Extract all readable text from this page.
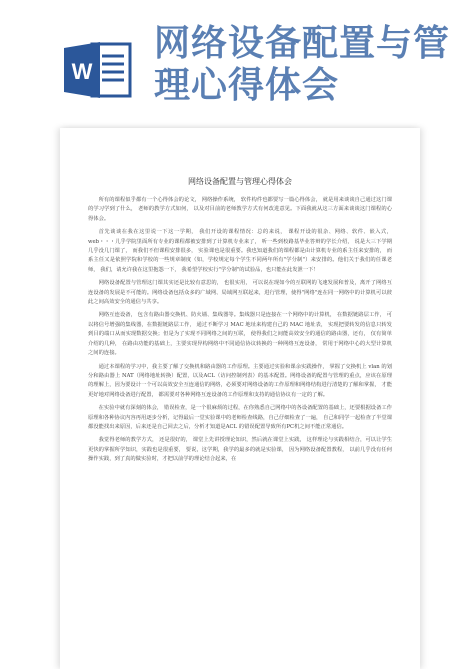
W
网络设备配置与管理心得体会
网络设备配置与管理心得体会

所有的课程似乎都有一个心得体会的论文， 网络操作系统， 软件构件也都要写一篇心得体会， 就是用来谈谈自己通过这门课的学习学到了什么， 老师的教学方式如何， 以及对目前的老师教学方式有何改进意见。下面我就从这三方面来谈谈这门课程的心得体会。

首先谈谈在我在这里说一下这一学期， 我们开设的课程情况：总的来说， 课程开设的很杂、网络、软件、嵌入式， web・・・儿乎学院里面所有专业的课程都被安排到了计算机专业来了， 听一些到校路基毕业答辩的学长介绍， 说是大三下学期几乎没几门课了， 而我们不但课程安排很多， 实验课也是很重要。我也知道我们的课程都是由计算机专业的系主任来安排的， 而系主任又是依照学院和学校的一些规章制度（如，学校规定每个学生不同两年所有"学分制"）来安排的。他们关于我们的任课老师， 我们，请允许我在这里抱怨一下， 我希望学校实行"学分制"的试验品，也只能在此发泄一下！

网络设备配置与管理这门课其实还是比较有意思的， 也很实用， 可以说在现如今的互联网的飞速发展和普及，离开了网络互连设备的发展是不可能的。网络设备包括众多的广域网、局域网互联起来，进行管理，使得"网络"连在同一网络中的计算机可以彼此之间高效安全的通信与共享。

网络互连设备， 包含有路由器交换机、防火墙、集线器等。集线器只是连接在一个网络中的计算机， 在数据链路层工作， 可以将信号增强的集线器，在数据链路层工作， 通过不断学习 MAC 地址来构建自己的 MAC 地址表， 实现把要转发的信息只转发到目的端口从而实现数据交换；但是为了实现不同网络之间的互联， 使得我们之间能高效安全的通信的路由器，还有， 仅有简单介绍的几种， 在路由功能的基础上，主要实现异构网络中不同通信协议转换的一种网络互连设备， 常用于网络中心的大型计算机之间的连接。

通过本课程的学习中，我主要了解了交换机和路由器的工作原理。主要通过实验和课余实践操作， 掌握了交换机上 vlan 的划分和路由器上 NAT（网络地址转换）配置，以及ACL（访问控制列表）的基本配置。网络设备的配置与管理的重点，应该在原理的理解上，因为要设计一个可以高效安全互连通信的网络，必须要对网络设备的工作原理和网络结构进行清楚的了解和掌握， 才能更好地对网络设备进行配置， 都需要对各种网络互连设备的工作原理和支持的通信协议有一定的了解。

在实验中就有深刻的体会， 错误检查，是一个很麻烦的过程，在你熟悉自己网络中的各设备配置的基础上，还要根据设备工作原理和各种协议内容再用逐步分析，记得最后一堂实验课中的老师检查线路，自己仔细检查了一遍， 自己和同学一起检查了半堂课都没能找出来原因，后来还是自己回去之后，分析才知道是ACL 的错误配置导致所有PC机之间不能正常通信。

我觉得老师的教学方式， 还是很好的， 课堂上先讲授理论知识，然后就在课堂上实践， 这样理论与实践相结合，可以让学生更快的掌握所学知识，实践也是很重要， 要说，这学期，我学的最多的就是实验课， 因为网络设备配置教程， 以前几乎没有任何操作实践，到了真的做实验时，才把以前学的理论结合起来，在
